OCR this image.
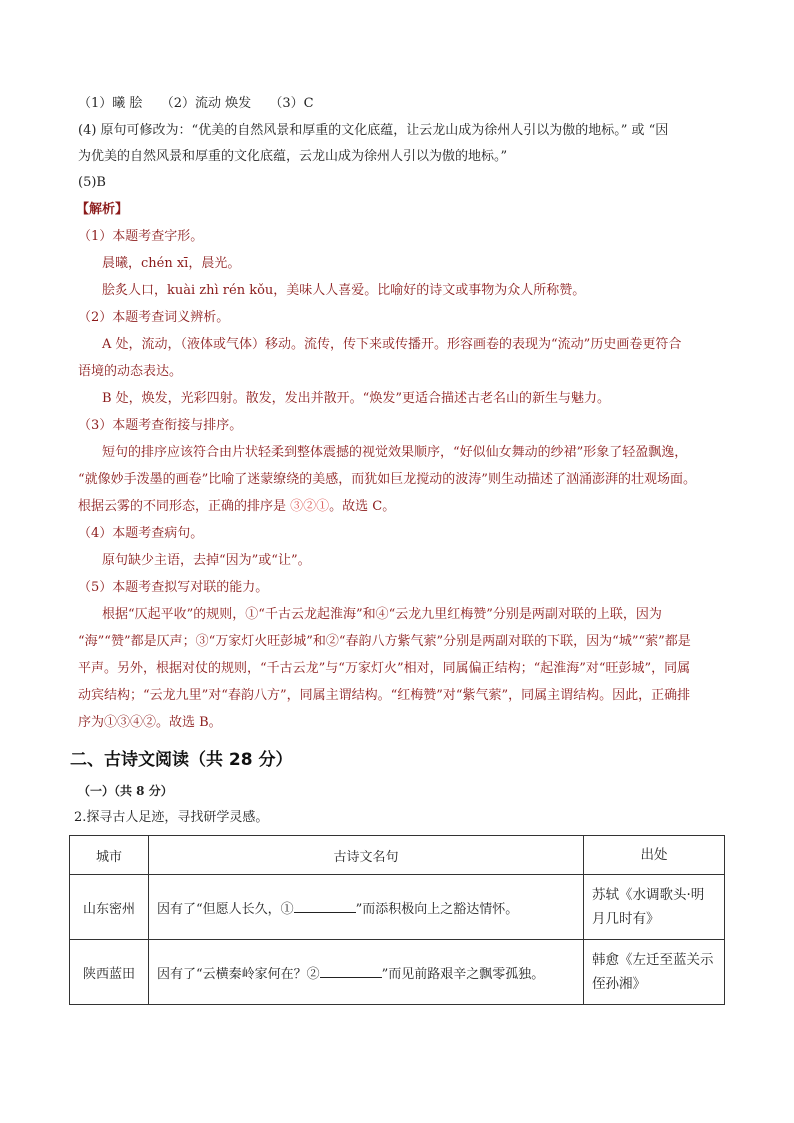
（1）曦 脍 （2）流动 焕发 （3）C
(4) 原句可修改为：“优美的自然风景和厚重的文化底蕴，让云龙山成为徐州人引以为傲的地标。” 或 “因
为优美的自然风景和厚重的文化底蕴，云龙山成为徐州人引以为傲的地标。”
(5)B
【解析】
（1）本题考查字形。
晨曦，chén xī，晨光。
脍炙人口，kuài zhì rén kǒu，美味人人喜爱。比喻好的诗文或事物为众人所称赞。
（2）本题考查词义辨析。
A 处，流动，（液体或气体）移动。流传，传下来或传播开。形容画卷的表现为“流动”历史画卷更符合
语境的动态表达。
B 处，焕发，光彩四射。散发，发出并散开。“焕发”更适合描述古老名山的新生与魅力。
（3）本题考查衔接与排序。
短句的排序应该符合由片状轻柔到整体震撼的视觉效果顺序，“好似仙女舞动的纱裙”形象了轻盈飘逸，
“就像妙手泼墨的画卷”比喻了迷蒙缭绕的美感，而犹如巨龙搅动的波涛”则生动描述了汹涌澎湃的壮观场面。
根据云雾的不同形态，正确的排序是 ③②①。故选 C。
（4）本题考查病句。
原句缺少主语，去掉“因为”或“让”。
（5）本题考查拟写对联的能力。
根据“仄起平收”的规则，①“千古云龙起淮海”和④“云龙九里红梅赞”分别是两副对联的上联，因为
“海”“赞”都是仄声；③“万家灯火旺彭城”和②“春韵八方紫气萦”分别是两副对联的下联，因为“城”“萦”都是
平声。另外，根据对仗的规则，“千古云龙”与“万家灯火”相对，同属偏正结构；“起淮海”对“旺彭城”，同属
动宾结构；“云龙九里”对“春韵八方”，同属主谓结构。“红梅赞”对“紫气萦”，同属主谓结构。因此，正确排
序为①③④②。故选 B。
二、古诗文阅读（共 28 分）
（一）（共 8 分）
2.探寻古人足迹，寻找研学灵感。
城市	古诗文名句	出处
山东密州	因有了“但愿人长久，① ”而添积极向上之豁达情怀。	苏轼《水调歌头·明月几时有》
陕西蓝田	因有了“云横秦岭家何在？② ”而见前路艰辛之飘零孤独。	韩愈《左迁至蓝关示侄孙湘》
